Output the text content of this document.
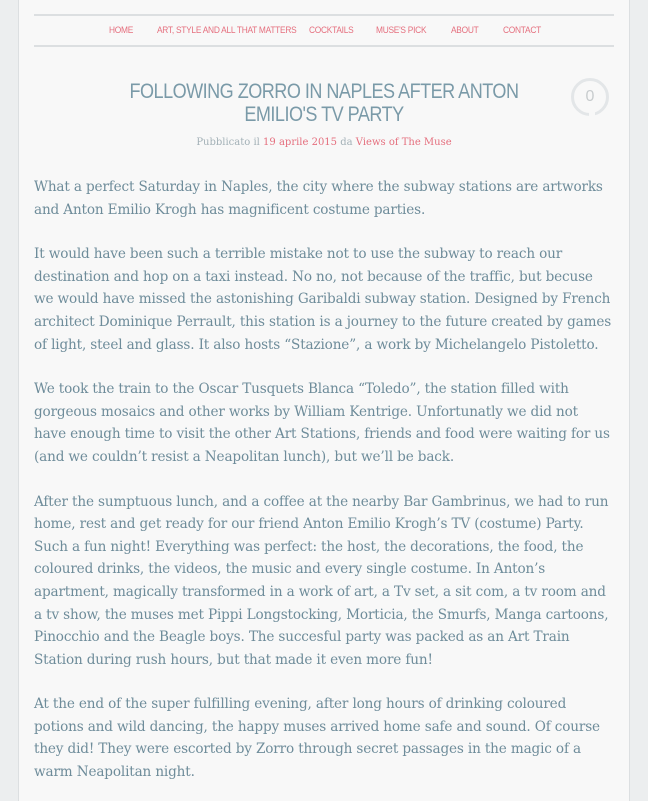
HOME	ART, STYLE AND ALL THAT MATTERS COCKTAILS MUSE'S PICK	ABOUT	CONTACT
FOLLOWING ZORRO IN NAPLES AFTER ANTON EMILIO'S TV PARTY
0
Pubblicato il 19 aprile 2015 da Views of The Muse

What a perfect Saturday in Naples, the city where the subway stations are artworks and Anton Emilio Krogh has magnificent costume parties.

It would have been such a terrible mistake not to use the subway to reach our destination and hop on a taxi instead. No no, not because of the traffic, but becuse we would have missed the astonishing Garibaldi subway station. Designed by French architect Dominique Perrault, this station is a journey to the future created by games of light, steel and glass. It also hosts “Stazione”, a work by Michelangelo Pistoletto.

We took the train to the Oscar Tusquets Blanca “Toledo”, the station filled with gorgeous mosaics and other works by William Kentrige. Unfortunatly we did not have enough time to visit the other Art Stations, friends and food were waiting for us (and we couldn’t resist a Neapolitan lunch), but we’ll be back.

After the sumptuous lunch, and a coffee at the nearby Bar Gambrinus, we had to run home, rest and get ready for our friend Anton Emilio Krogh’s TV (costume) Party. Such a fun night! Everything was perfect: the host, the decorations, the food, the coloured drinks, the videos, the music and every single costume. In Anton’s apartment, magically transformed in a work of art, a Tv set, a sit com, a tv room and a tv show, the muses met Pippi Longstocking, Morticia, the Smurfs, Manga cartoons, Pinocchio and the Beagle boys. The succesful party was packed as an Art Train Station during rush hours, but that made it even more fun!

At the end of the super fulfilling evening, after long hours of drinking coloured potions and wild dancing, the happy muses arrived home safe and sound. Of course they did! They were escorted by Zorro through secret passages in the magic of a warm Neapolitan night.
